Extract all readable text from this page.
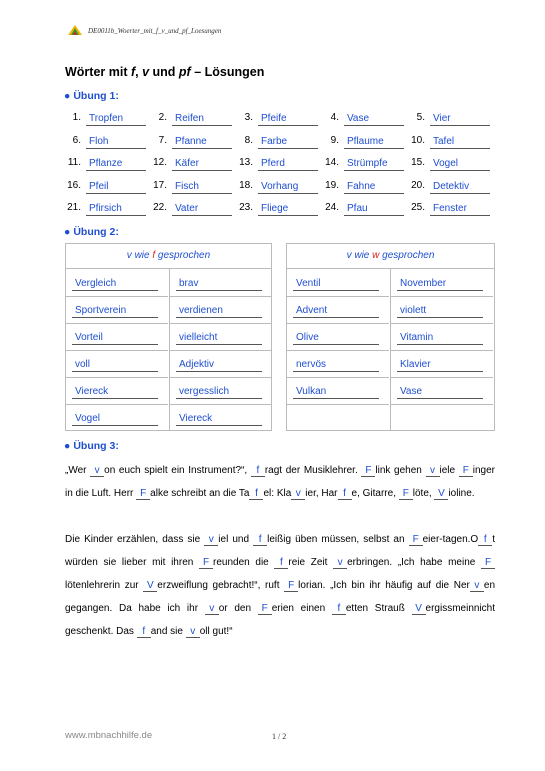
DE0011b_Woerter_mit_f_v_und_pf_Loesungen
Wörter mit f, v und pf – Lösungen
● Übung 1:
1. Tropfen	2. Reifen	3. Pfeife	4. Vase	5. Vier
6. Floh	7. Pfanne	8. Farbe	9. Pflaume	10. Tafel
11. Pflanze	12. Käfer	13. Pferd	14. Strümpfe	15. Vogel
16. Pfeil	17. Fisch	18. Vorhang	19. Fahne	20. Detektiv
21. Pfirsich	22. Vater	23. Fliege	24. Pfau	25. Fenster
● Übung 2:
v wie f gesprochen
Vergleich	brav
Sportverein	verdienen
Vorteil	vielleicht
voll	Adjektiv
Viereck	vergesslich
Vogel	Viereck
v wie w gesprochen
Ventil	November
Advent	violett
Olive	Vitamin
nervös	Klavier
Vulkan	Vase
● Übung 3:
„Wer v on euch spielt ein Instrument?“, f ragt der Musiklehrer. F link gehen v iele F inger in die Luft. Herr F alke schreibt an die Ta f el: Kla v ier, Har f e, Gitarre, F löte, V ioline.
Die Kinder erzählen, dass sie v iel und f leißig üben müssen, selbst an F eier-tagen.O f t würden sie lieber mit ihren F reunden die f reie Zeit v erbringen. „Ich habe meine Flötenlehrerin zur V erzweiflung gebracht!“, ruft F lorian. „Ich bin ihr häufig auf die Ner v en gegangen. Da habe ich ihr v or den F erien einen f etten Strauß V ergissmeinnicht geschenkt. Das f and sie v oll gut!“
www.mbnachhilfe.de	1 / 2
